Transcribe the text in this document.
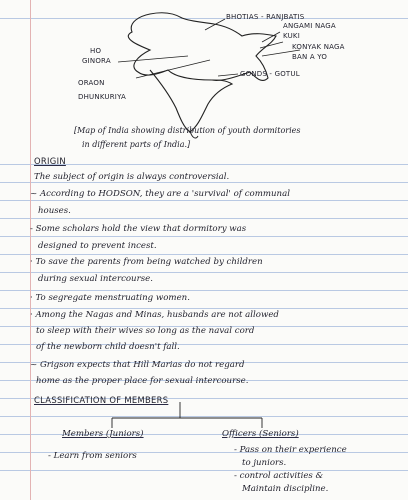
BHOTIAS - RANJBATIS
ANGAMI NAGA
KUKI
KONYAK NAGA
BAN A YO
HO
GINORA
ORAON
DHUNKURIYA
GONDS - GOTUL
[Map of India showing distribution of youth dormitories
in different parts of India.]
ORIGIN
The subject of origin is always controversial.
~ According to HODSON, they are a 'survival' of communal
houses.
- Some scholars hold the view that dormitory was
designed to prevent incest.
· To save the parents from being watched by children
during sexual intercourse.
· To segregate menstruating women.
· Among the Nagas and Minas, husbands are not allowed
to sleep with their wives so long as the naval cord
of the newborn child doesn't fall.
~ Grigson expects that Hill Marias do not regard
home as the proper place for sexual intercourse.
CLASSIFICATION OF MEMBERS
Members (Juniors)
- Learn from seniors
Officers (Seniors)
- Pass on their experience
to juniors.
- control activities &
Maintain discipline.
